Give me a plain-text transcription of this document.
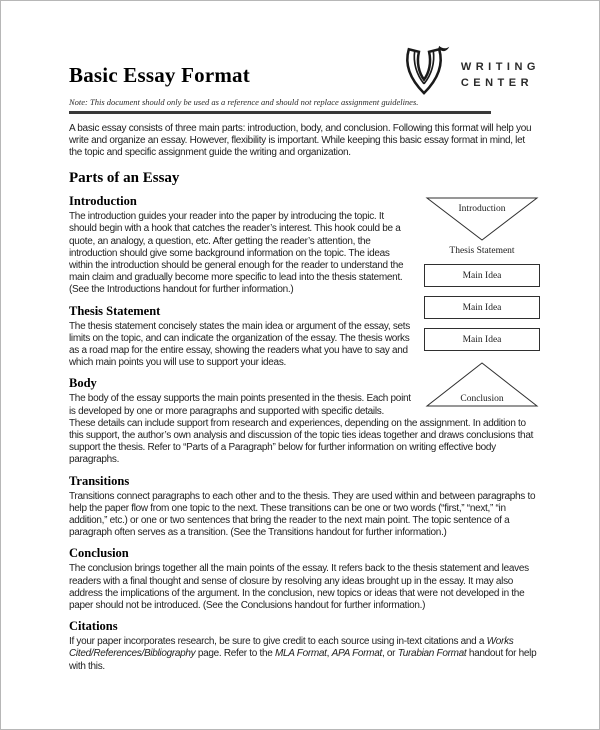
Basic Essay Format
Note: This document should only be used as a reference and should not replace assignment guidelines.
WRITING
CENTER

A basic essay consists of three main parts: introduction, body, and conclusion. Following this format will help you write and organize an essay. However, flexibility is important. While keeping this basic essay format in mind, let the topic and specific assignment guide the writing and organization.

Parts of an Essay
Introduction
Thesis Statement
Main Idea
Main Idea
Main Idea
Conclusion
Introduction

The introduction guides your reader into the paper by introducing the topic. It should begin with a hook that catches the reader’s interest. This hook could be a quote, an analogy, a question, etc. After getting the reader’s attention, the introduction should give some background information on the topic. The ideas within the introduction should be general enough for the reader to understand the main claim and gradually become more specific to lead into the thesis statement. (See the Introductions handout for further information.)

Thesis Statement

The thesis statement concisely states the main idea or argument of the essay, sets limits on the topic, and can indicate the organization of the essay. The thesis works as a road map for the entire essay, showing the readers what you have to say and which main points you will use to support your ideas.

Body

The body of the essay supports the main points presented in the thesis. Each point is developed by one or more paragraphs and supported with specific details. These details can include support from research and experiences, depending on the assignment. In addition to this support, the author’s own analysis and discussion of the topic ties ideas together and draws conclusions that support the thesis. Refer to “Parts of a Paragraph” below for further information on writing effective body paragraphs.

Transitions

Transitions connect paragraphs to each other and to the thesis. They are used within and between paragraphs to help the paper flow from one topic to the next. These transitions can be one or two words (“first,” “next,” “in addition,” etc.) or one or two sentences that bring the reader to the next main point. The topic sentence of a paragraph often serves as a transition. (See the Transitions handout for further information.)

Conclusion

The conclusion brings together all the main points of the essay. It refers back to the thesis statement and leaves readers with a final thought and sense of closure by resolving any ideas brought up in the essay. It may also address the implications of the argument. In the conclusion, new topics or ideas that were not developed in the paper should not be introduced. (See the Conclusions handout for further information.)

Citations

If your paper incorporates research, be sure to give credit to each source using in-text citations and a Works Cited/References/Bibliography page. Refer to the MLA Format, APA Format, or Turabian Format handout for help with this.
